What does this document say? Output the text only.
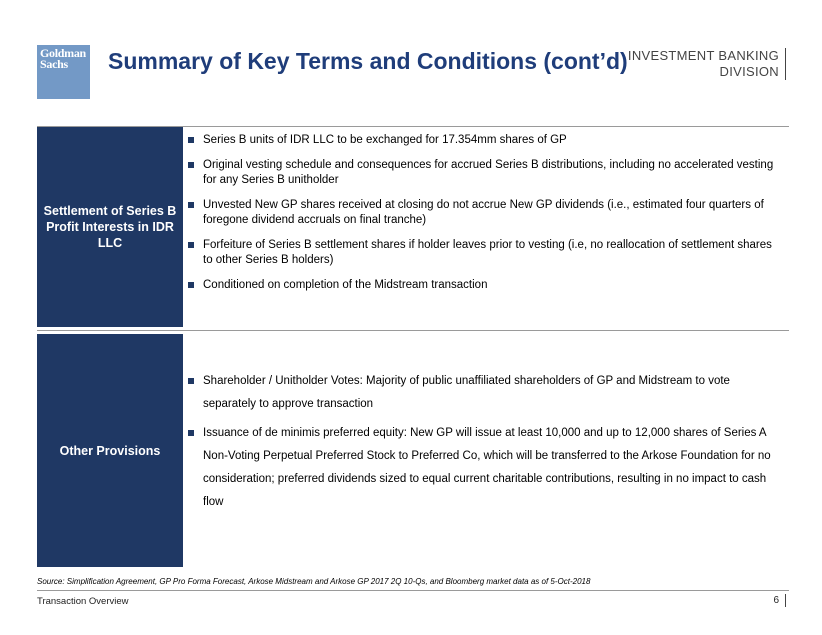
Goldman
Sachs	Summary of Key Terms and Conditions (cont’d) INVESTMENT BANKING
DIVISION
Settlement of Series B Profit Interests in IDR LLC
Series B units of IDR LLC to be exchanged for 17.354mm shares of GP
Original vesting schedule and consequences for accrued Series B distributions, including no accelerated vesting for any Series B unitholder
Unvested New GP shares received at closing do not accrue New GP dividends (i.e., estimated four quarters of foregone dividend accruals on final tranche)
Forfeiture of Series B settlement shares if holder leaves prior to vesting (i.e, no reallocation of settlement shares to other Series B holders)
Conditioned on completion of the Midstream transaction
Other Provisions
Shareholder / Unitholder Votes: Majority of public unaffiliated shareholders of GP and Midstream to vote separately to approve transaction
Issuance of de minimis preferred equity: New GP will issue at least 10,000 and up to 12,000 shares of Series A Non-Voting Perpetual Preferred Stock to Preferred Co, which will be transferred to the Arkose Foundation for no consideration; preferred dividends sized to equal current charitable contributions, resulting in no impact to cash flow
Source: Simplification Agreement, GP Pro Forma Forecast, Arkose Midstream and Arkose GP 2017 2Q 10-Qs, and Bloomberg market data as of 5-Oct-2018
Transaction Overview	6
